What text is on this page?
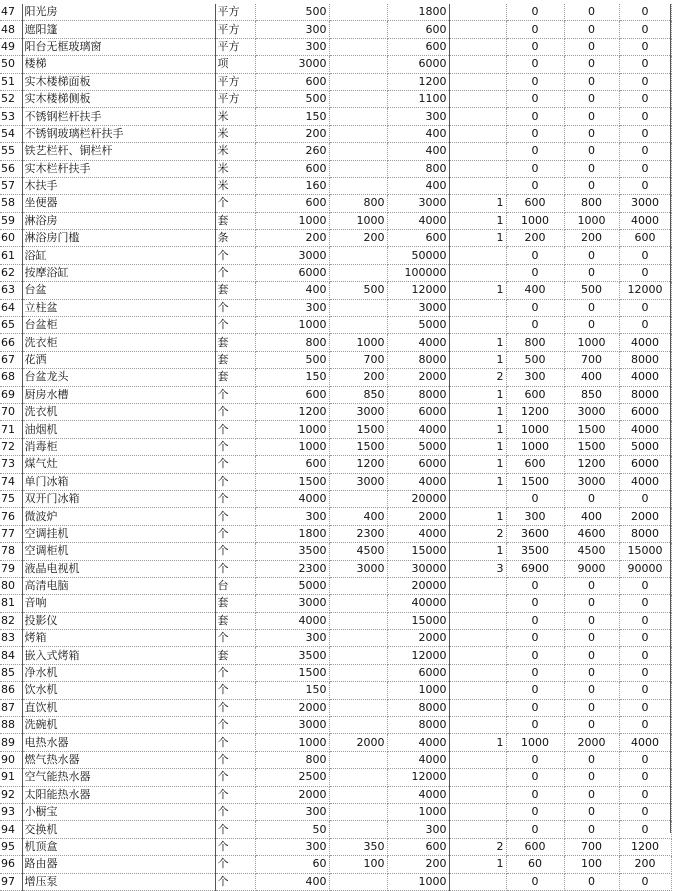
47	阳光房	平方	500		1800		0	0	0
48	遮阳篷	平方	300		600		0	0	0
49	阳台无框玻璃窗	平方	300		600		0	0	0
50	楼梯	项	3000		6000		0	0	0
51	实木楼梯面板	平方	600		1200		0	0	0
52	实木楼梯侧板	平方	500		1100		0	0	0
53	不锈钢栏杆扶手	米	150		300		0	0	0
54	不锈钢玻璃栏杆扶手	米	200		400		0	0	0
55	铁艺栏杆、铜栏杆	米	260		400		0	0	0
56	实木栏杆扶手	米	600		800		0	0	0
57	木扶手	米	160		400		0	0	0
58	坐便器	个	600	800	3000	1	600	800	3000
59	淋浴房	套	1000	1000	4000	1	1000	1000	4000
60	淋浴房门槛	条	200	200	600	1	200	200	600
61	浴缸	个	3000		50000		0	0	0
62	按摩浴缸	个	6000		100000		0	0	0
63	台盆	套	400	500	12000	1	400	500	12000
64	立柱盆	个	300		3000		0	0	0
65	台盆柜	个	1000		5000		0	0	0
66	洗衣柜	套	800	1000	4000	1	800	1000	4000
67	花洒	套	500	700	8000	1	500	700	8000
68	台盆龙头	套	150	200	2000	2	300	400	4000
69	厨房水槽	个	600	850	8000	1	600	850	8000
70	洗衣机	个	1200	3000	6000	1	1200	3000	6000
71	油烟机	个	1000	1500	4000	1	1000	1500	4000
72	消毒柜	个	1000	1500	5000	1	1000	1500	5000
73	煤气灶	个	600	1200	6000	1	600	1200	6000
74	单门冰箱	个	1500	3000	4000	1	1500	3000	4000
75	双开门冰箱	个	4000		20000		0	0	0
76	微波炉	个	300	400	2000	1	300	400	2000
77	空调挂机	个	1800	2300	4000	2	3600	4600	8000
78	空调柜机	个	3500	4500	15000	1	3500	4500	15000
79	液晶电视机	个	2300	3000	30000	3	6900	9000	90000
80	高清电脑	台	5000		20000		0	0	0
81	音响	套	3000		40000		0	0	0
82	投影仪	套	4000		15000		0	0	0
83	烤箱	个	300		2000		0	0	0
84	嵌入式烤箱	套	3500		12000		0	0	0
85	净水机	个	1500		6000		0	0	0
86	饮水机	个	150		1000		0	0	0
87	直饮机	个	2000		8000		0	0	0
88	洗碗机	个	3000		8000		0	0	0
89	电热水器	个	1000	2000	4000	1	1000	2000	4000
90	燃气热水器	个	800		4000		0	0	0
91	空气能热水器	个	2500		12000		0	0	0
92	太阳能热水器	个	2000		4000		0	0	0
93	小橱宝	个	300		1000		0	0	0
94	交换机	个	50		300		0	0	0
95	机顶盒	个	300	350	600	2	600	700	1200
96	路由器	个	60	100	200	1	60	100	200
97	增压泵	个	400		1000		0	0	0
